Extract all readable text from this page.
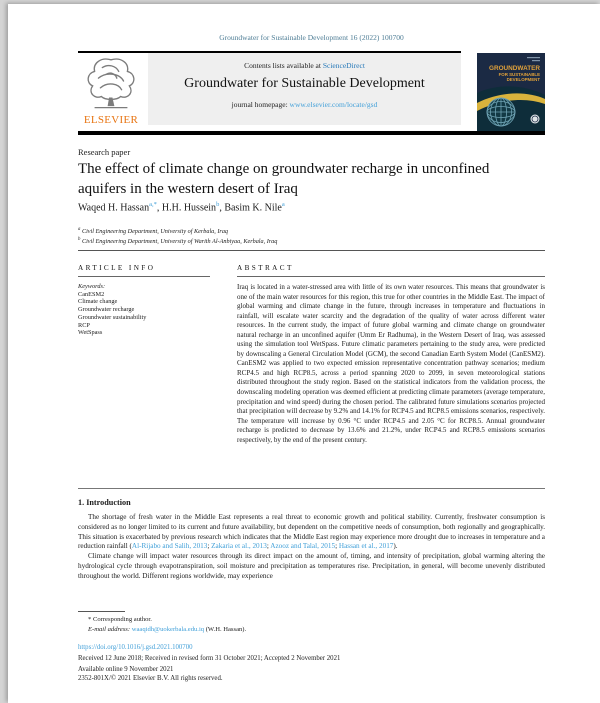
Groundwater for Sustainable Development 16 (2022) 100700
ELSEVIER
Contents lists available at ScienceDirect
Groundwater for Sustainable Development
journal homepage: www.elsevier.com/locate/gsd
GROUNDWATER
FOR SUSTAINABLE
DEVELOPMENT
Research paper
The effect of climate change on groundwater recharge in unconfined aquifers in the western desert of Iraq
Waqed H. Hassan$^{a,*}$, H.H. Hussein$^b$, Basim K. Nile$^a$
$^a$ Civil Engineering Department, University of Kerbala, Iraq
$^b$ Civil Engineering Department, University of Warith Al-Anbiyaa, Kerbala, Iraq
ARTICLE INFO
Keywords:
CanESM2
Climate change
Groundwater recharge
Groundwater sustainability
RCP
WetSpass
ABSTRACT
Iraq is located in a water-stressed area with little of its own water resources. This means that groundwater is one of the main water resources for this region, this true for other countries in the Middle East. The impact of global warming and climate change in the future, through increases in temperature and fluctuations in rainfall, will escalate water scarcity and the degradation of the quality of water across different water resources. In the current study, the impact of future global warming and climate change on groundwater natural recharge in an unconfined aquifer (Umm Er Radhuma), in the Western Desert of Iraq, was assessed using the simulation tool WetSpass. Future climatic parameters pertaining to the study area, were predicted by downscaling a General Circulation Model (GCM), the second Canadian Earth System Model (CanESM2). CanESM2 was applied to two expected emission representative concentration pathway scenarios; medium RCP4.5 and high RCP8.5, across a period spanning 2020 to 2099, in seven meteorological stations distributed throughout the study region. Based on the statistical indicators from the validation process, the downscaling modeling operation was deemed efficient at predicting climate parameters (average temperature, precipitation and wind speed) during the chosen period. The calibrated future simulations scenarios projected that precipitation will decrease by 9.2% and 14.1% for RCP4.5 and RCP8.5 emissions scenarios, respectively. The temperature will increase by 0.96 °C under RCP4.5 and 2.05 °C for RCP8.5. Annual groundwater recharge is predicted to decrease by 13.6% and 21.2%, under RCP4.5 and RCP8.5 emissions scenarios respectively, by the end of the present century.
1. Introduction

The shortage of fresh water in the Middle East represents a real threat to economic growth and political stability. Currently, freshwater consumption is considered as no longer limited to its current and future availability, but dependent on the competitive needs of consumption, both regionally and geographically. This situation is exacerbated by previous research which indicates that the Middle East region may experience more drought due to increases in temperature and a reduction rainfall (Al-Rijabo and Salih, 2013; Zakaria et al., 2013; Azooz and Talal, 2015; Hassan et al., 2017).

Climate change will impact water resources through its direct impact on the amount of, timing, and intensity of precipitation, global warming altering the hydrological cycle through evapotranspiration, soil moisture and precipitation as temperatures rise. Precipitation, in general, will become unevenly distributed throughout the world. Different regions worldwide, may experience

* Corresponding author.
E-mail address: waaqidh@uokerbala.edu.iq (W.H. Hassan).
https://doi.org/10.1016/j.gsd.2021.100700
Received 12 June 2018; Received in revised form 31 October 2021; Accepted 2 November 2021
Available online 9 November 2021
2352-801X/© 2021 Elsevier B.V. All rights reserved.
